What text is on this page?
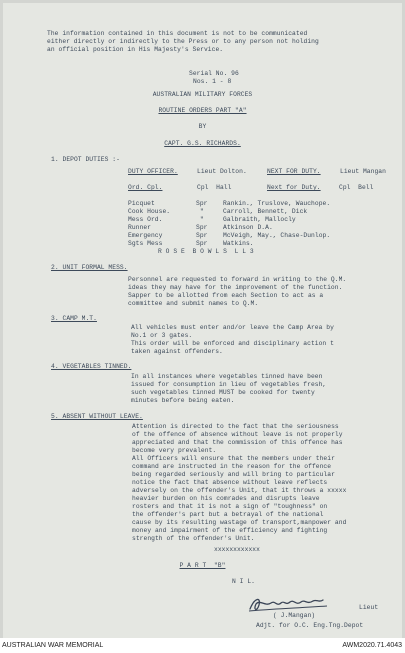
The information contained in this document is not to be communicated
either directly or indirectly to the Press or to any person not holding
an official position in His Majesty's Service.
Serial No. 96
Nos. 1 - 8
AUSTRALIAN MILITARY FORCES
ROUTINE ORDERS PART "A"
BY
CAPT. G.S. RICHARDS.
1. DEPOT DUTIES :-
DUTY OFFICER.	Lieut Dolton.	NEXT FOR DUTY.	Lieut Mangan
Ord. Cpl.	Cpl  Hall	Next for Duty.	Cpl  Bell
Picquet	Spr Rankin., Truslove, Wauchope.
Cook House.	"	Carroll, Bennett, Dick
Mess Ord.	"	Galbraith, Mallocly
Runner	Spr Atkinson D.A.
Emergency	Spr McVeigh, May., Chase-Dunlop.
Sgts Mess	Spr Watkins.
R O S E  B O W L S  L L 3
2. UNIT FORMAL MESS.
Personnel are requested to forward in writing to the Q.M.
ideas they may have for the improvement of the function.
Sapper to be allotted from each Section to act as a
committee and submit names to Q.M.
3. CAMP M.T.
All vehicles must enter and/or leave the Camp Area by
No.1 or 3 gates.
This order will be enforced and disciplinary action t
taken against offenders.
4. VEGETABLES TINNED.
In all instances where vegetables tinned have been
issued for consumption in lieu of vegetables fresh,
such vegetables tinned MUST be cooked for twenty
minutes before being eaten.
5. ABSENT WITHOUT LEAVE.
Attention is directed to the fact that the seriousness
of the offence of absence without leave is not properly
appreciated and that the commission of this offence has
become very prevalent.
All Officers will ensure that the members under their
command are instructed in the reason for the offence
being regarded seriously and will bring to particular
notice the fact that absence without leave reflects
adversely on the offender's Unit, that it throws a xxxxx
heavier burden on his comrades and disrupts leave
rosters and that it is not a sign of "toughness" on
the offender's part but a betrayal of the national
cause by its resulting wastage of transport,manpower and
money and impairment of the efficiency and fighting
strength of the offender's Unit.
xxxxxxxxxxxx
P A R T  "B"
N I L.
Lieut
( J.Mangan)
Adjt. for O.C. Eng.Tng.Depot
AUSTRALIAN WAR MEMORIAL	AWM2020.71.4043
